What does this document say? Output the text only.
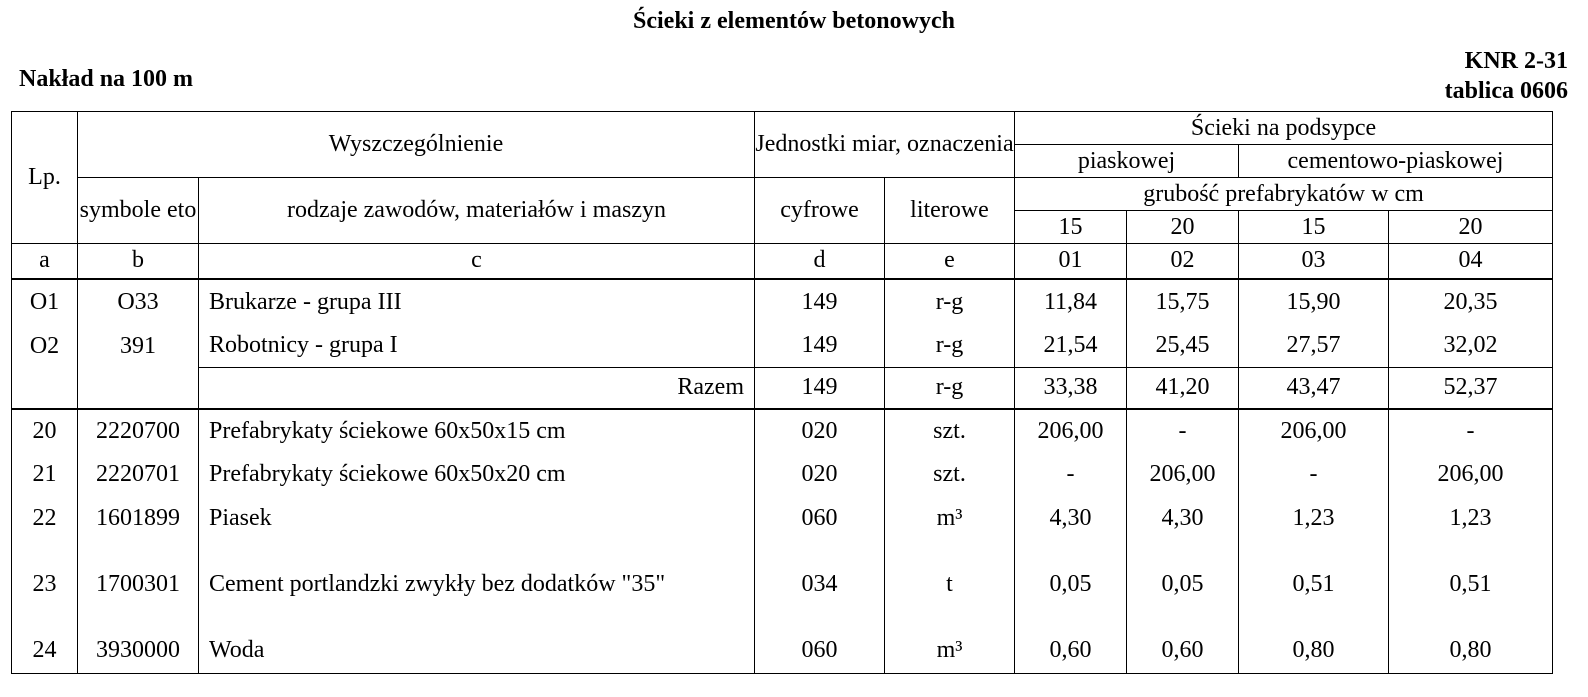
Ścieki z elementów betonowych
Nakład na 100 m
KNR 2-31
tablica 0606
Lp.	Wyszczególnienie		Jednostki miar, oznaczenia		Ścieki na podsypce			
					piaskowej		cementowo-piaskowej	
	symbole eto	rodzaje zawodów, materiałów i maszyn	cyfrowe	literowe	grubość prefabrykatów w cm			
					15	20	15	20
a	b	c	d	e	01	02	03	04
O1	O33	Brukarze - grupa III	149	r-g	11,84	15,75	15,90	20,35
O2	391	Robotnicy - grupa I	149	r-g	21,54	25,45	27,57	32,02
		Razem	149	r-g	33,38	41,20	43,47	52,37
20	2220700	Prefabrykaty ściekowe 60x50x15 cm	020	szt.	206,00	-	206,00	-
21	2220701	Prefabrykaty ściekowe 60x50x20 cm	020	szt.	-	206,00	-	206,00
22	1601899	Piasek	060	m³	4,30	4,30	1,23	1,23
23	1700301	Cement portlandzki zwykły bez dodatków "35"	034	t	0,05	0,05	0,51	0,51
24	3930000	Woda	060	m³	0,60	0,60	0,80	0,80
